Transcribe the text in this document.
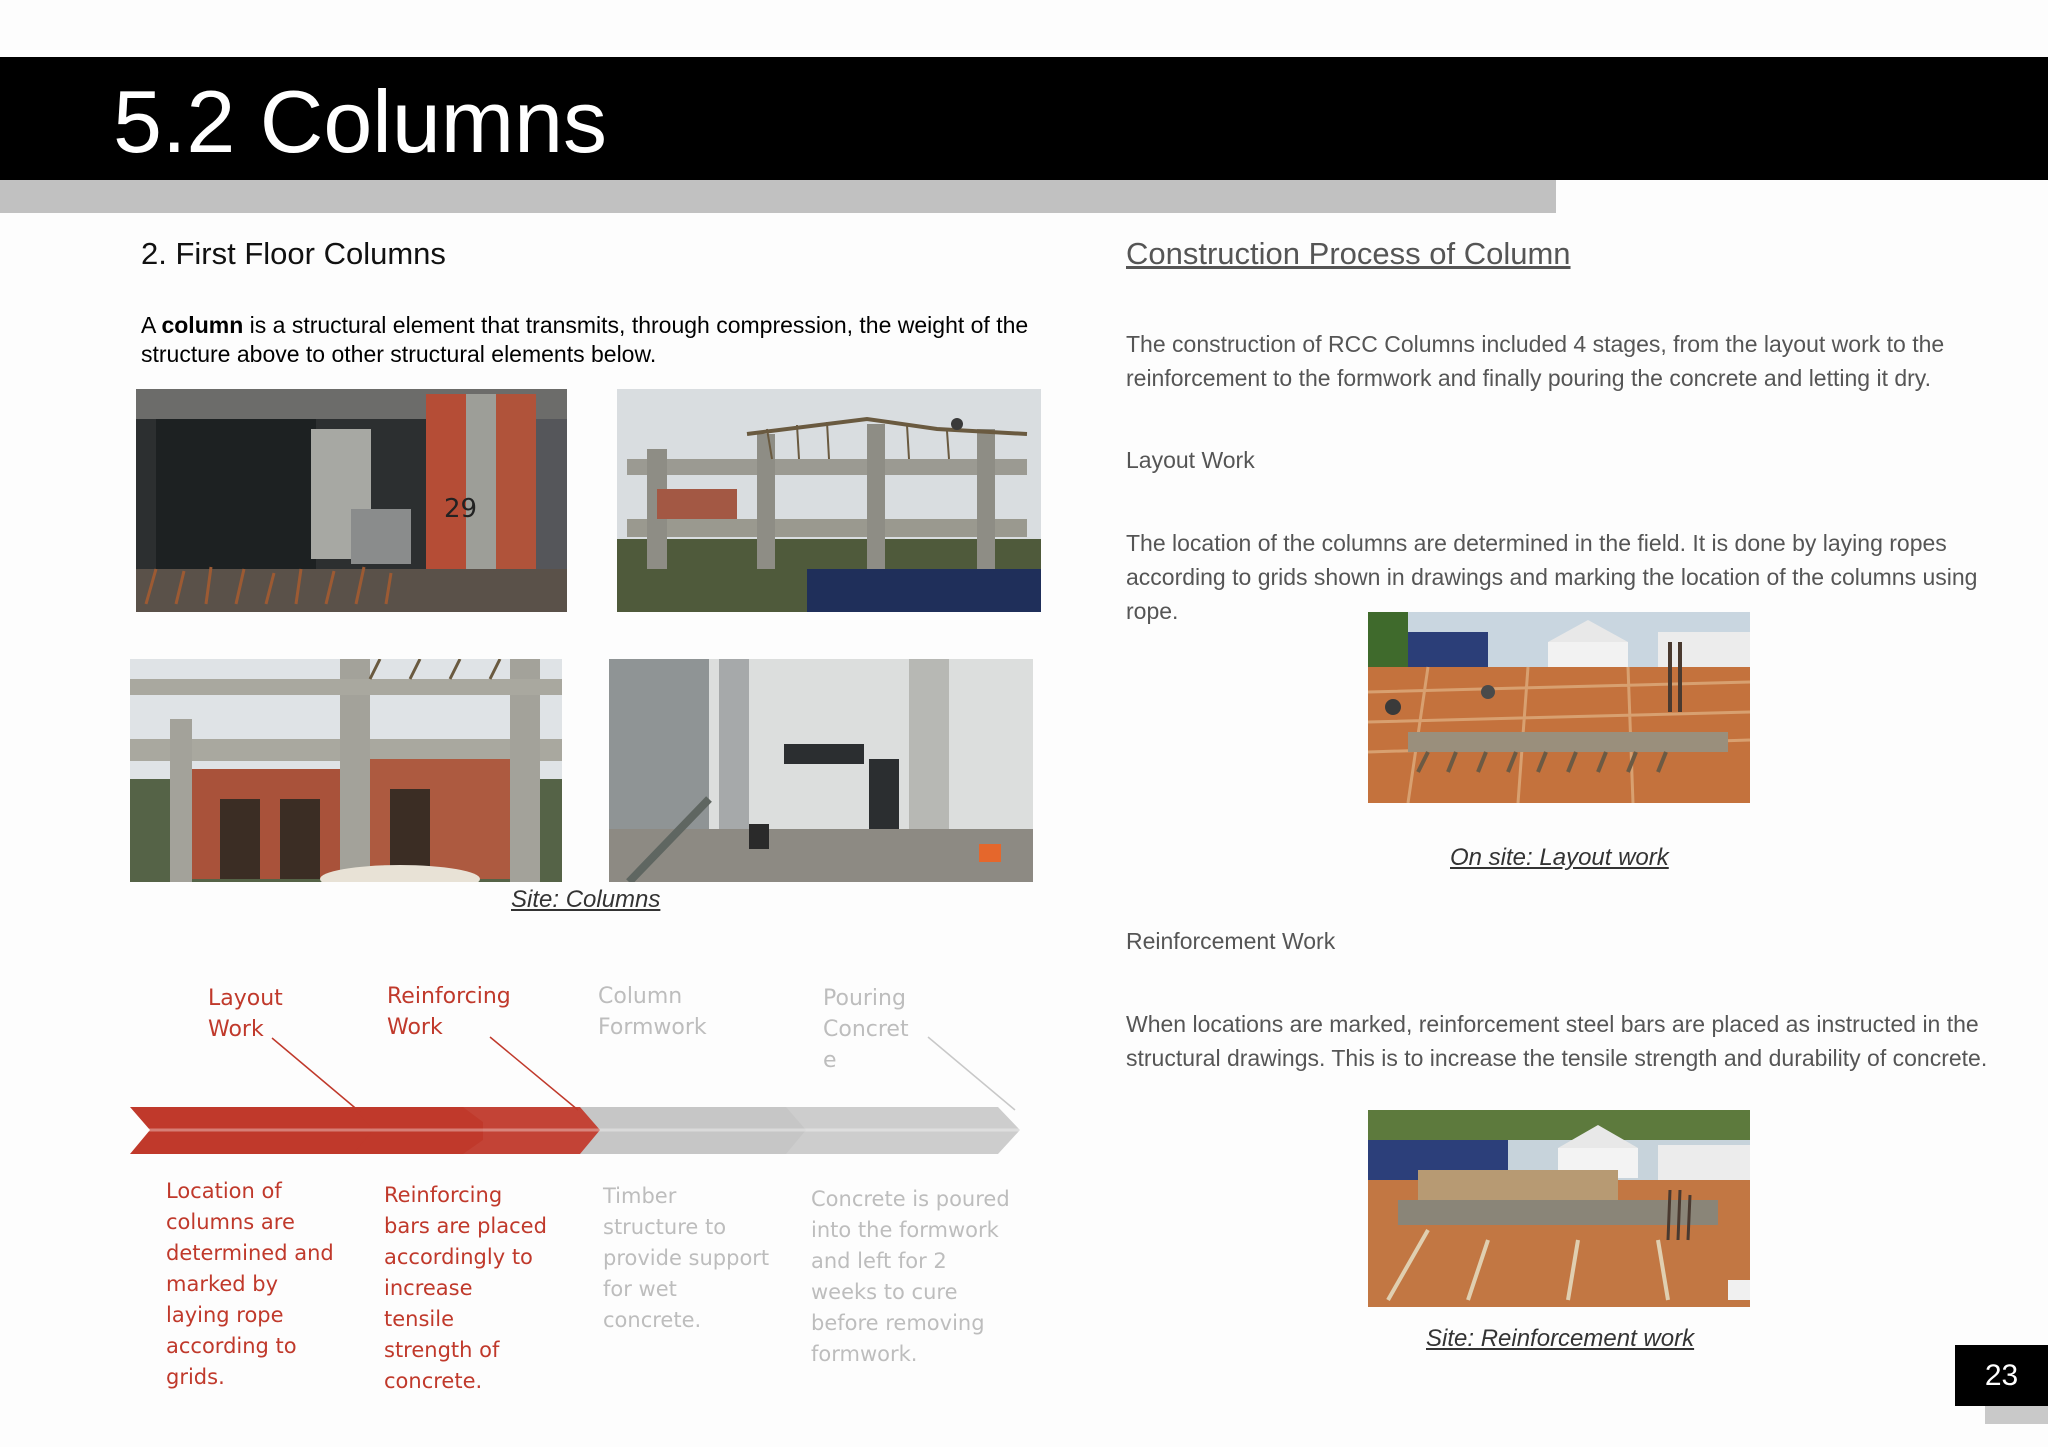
5.2 Columns
2. First Floor Columns
A column is a structural element that transmits, through compression, the weight of the structure above to other structural elements below.
29
Site: Columns
Layout Work
Reinforcing Work
Column Formwork
Pouring Concrete
Location of columns are determined and marked by laying rope according to grids.
Reinforcing bars are placed accordingly to increase tensile strength of concrete.
Timber structure to provide support for wet concrete.
Concrete is poured into the formwork and left for 2 weeks to cure before removing formwork.
Construction Process of Column
The construction of RCC Columns included 4 stages, from the layout work to the reinforcement to the formwork and finally pouring the concrete and letting it dry.
Layout Work
The location of the columns are determined in the field. It is done by laying ropes according to grids shown in drawings and marking the location of the columns using rope.
On site: Layout work
Reinforcement Work
When locations are marked, reinforcement steel bars are placed as instructed in the structural drawings. This is to increase the tensile strength and durability of concrete.
Site: Reinforcement work
23
